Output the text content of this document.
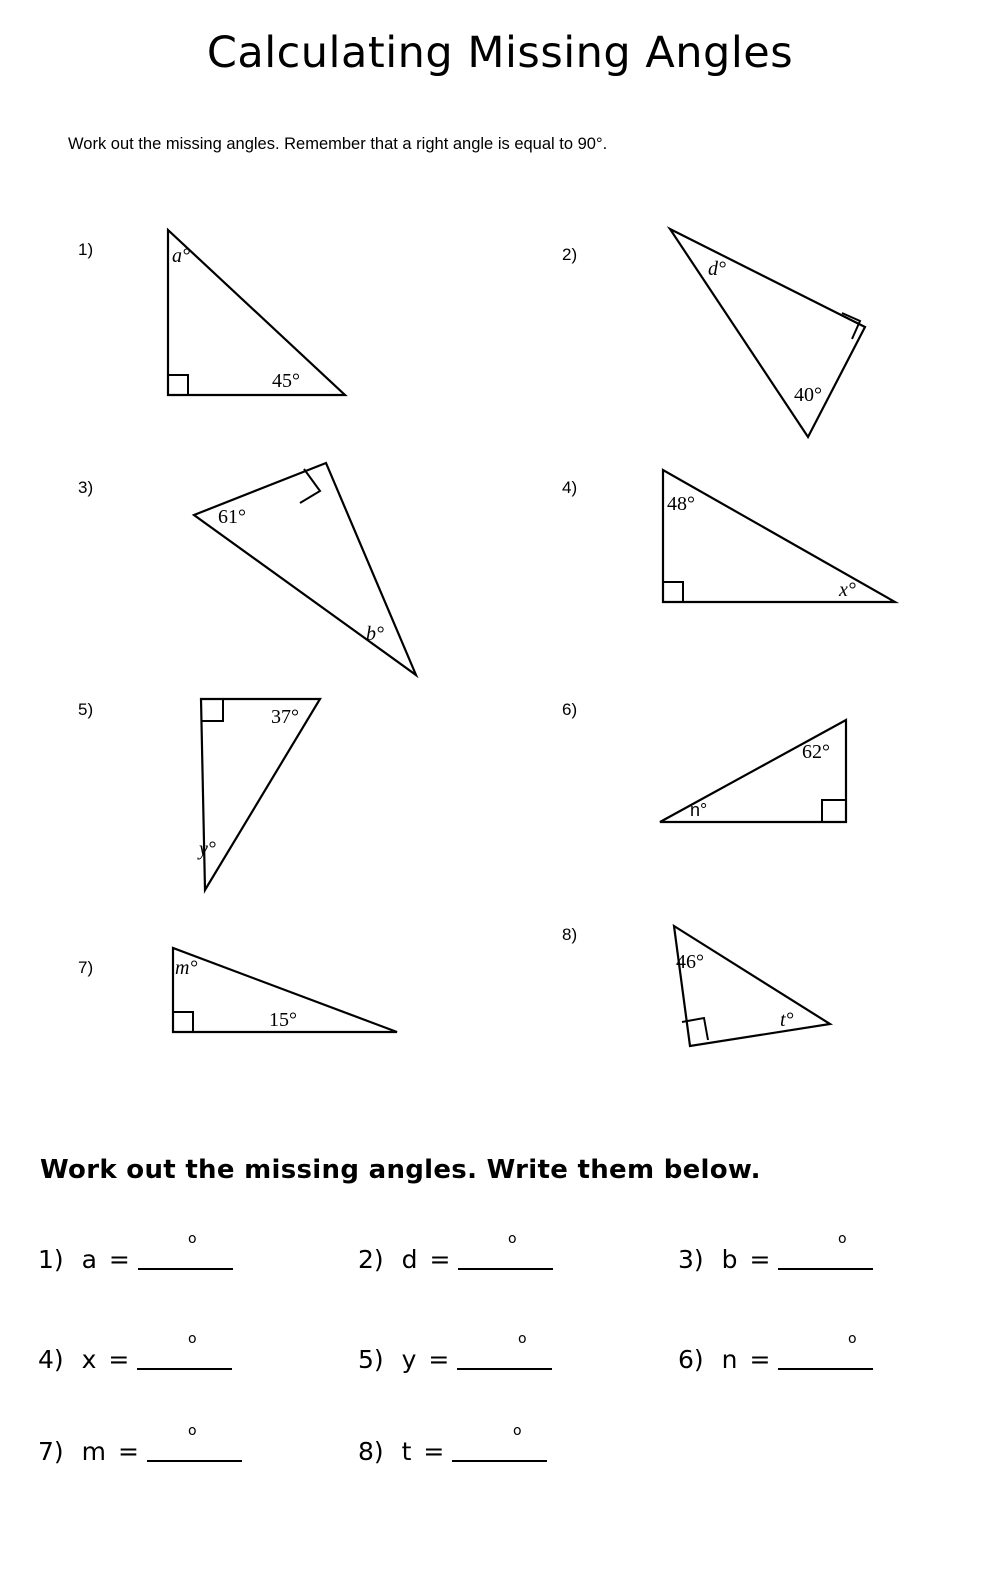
Calculating Missing Angles
Work out the missing angles. Remember that a right angle is equal to 90°.
1)	a°
45°
2)
d°
40°
3)
61°
b°
4)
48°
x°
5)	37°
y°
6)
62°
n°
7)	m°
15°
8)
46°
t°
Work out the missing angles. Write them below.
1) a =
o
2) d =
o
3) b =
o
4) x =
o
5) y =
o
6) n =
o
7) m =
o
8) t =
o
